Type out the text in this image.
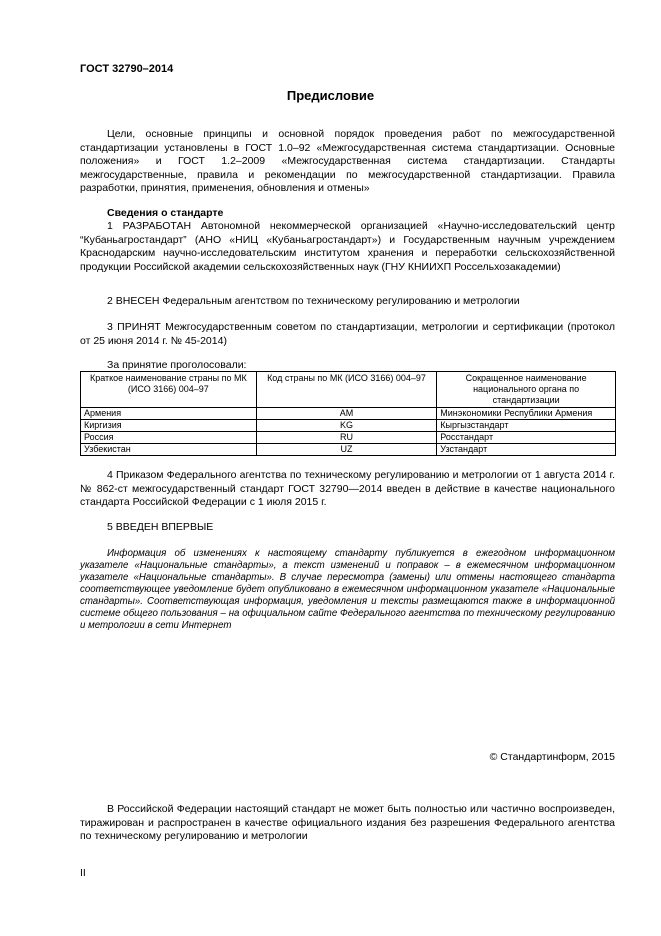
ГОСТ 32790–2014
Предисловие
Цели, основные принципы и основной порядок проведения работ по межгосударственной стандартизации установлены в ГОСТ 1.0–92 «Межгосударственная система стандартизации. Основные положения» и ГОСТ 1.2–2009 «Межгосударственная система стандартизации. Стандарты межгосударственные, правила и рекомендации по межгосударственной стандартизации. Правила разработки, принятия, применения, обновления и отмены»
Сведения о стандарте
1 РАЗРАБОТАН Автономной некоммерческой организацией «Научно-исследовательский центр “Кубаньагростандарт” (АНО «НИЦ «Кубаньагростандарт») и Государственным научным учреждением Краснодарским научно-исследовательским институтом хранения и переработки сельскохозяйственной продукции Российской академии сельскохозяйственных наук (ГНУ КНИИХП Россельхозакадемии)
2 ВНЕСЕН Федеральным агентством по техническому регулированию и метрологии
3 ПРИНЯТ Межгосударственным советом по стандартизации, метрологии и сертификации (протокол от 25 июня 2014 г. № 45-2014)
За принятие проголосовали:
Краткое наименование страны по МК (ИСО 3166) 004–97	Код страны по МК (ИСО 3166) 004–97	Сокращенное наименование национального органа по стандартизации
Армения	AM	Минэкономики Республики Армения
Киргизия	KG	Кыргызстандарт
Россия	RU	Росстандарт
Узбекистан	UZ	Узстандарт
4 Приказом Федерального агентства по техническому регулированию и метрологии от 1 августа 2014 г. № 862-ст межгосударственный стандарт ГОСТ 32790—2014 введен в действие в качестве национального стандарта Российской Федерации с 1 июля 2015 г.
5 ВВЕДЕН ВПЕРВЫЕ
Информация об изменениях к настоящему стандарту публикуется в ежегодном информационном указателе «Национальные стандарты», а текст изменений и поправок – в ежемесячном информационном указателе «Национальные стандарты». В случае пересмотра (замены) или отмены настоящего стандарта соответствующее уведомление будет опубликовано в ежемесячном информационном указателе «Национальные стандарты». Соответствующая информация, уведомления и тексты размещаются также в информационной системе общего пользования – на официальном сайте Федерального агентства по техническому регулированию и метрологии в сети Интернет
© Стандартинформ, 2015
В Российской Федерации настоящий стандарт не может быть полностью или частично воспроизведен, тиражирован и распространен в качестве официального издания без разрешения Федерального агентства по техническому регулированию и метрологии
II
